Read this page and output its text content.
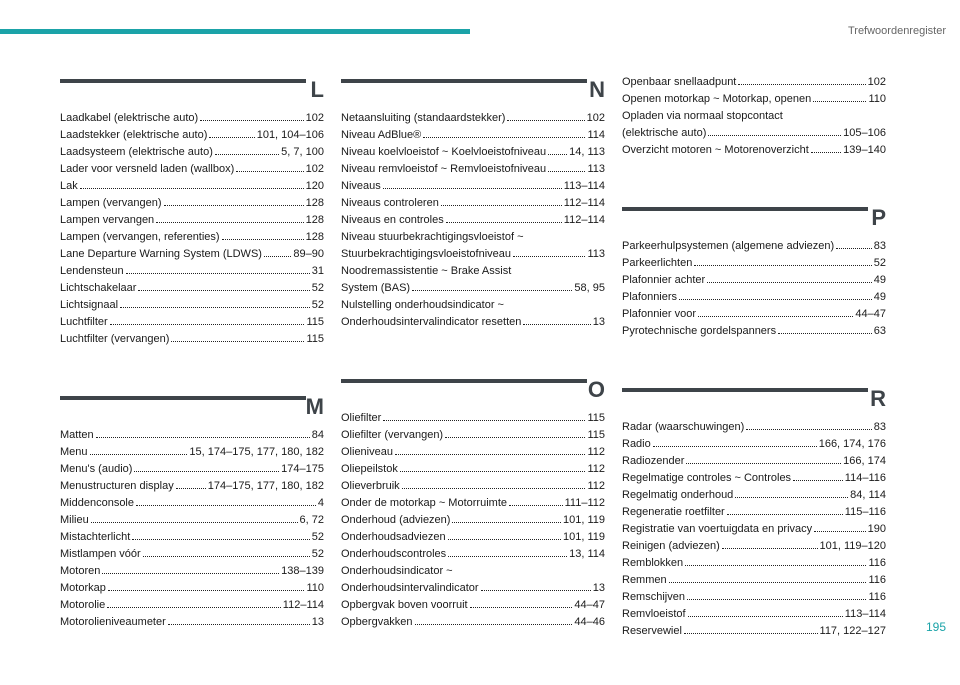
Trefwoordenregister
L
Laadkabel (elektrische auto)	102
Laadstekker (elektrische auto)	101, 104–106
Laadsysteem (elektrische auto)	5, 7, 100
Lader voor versneld laden (wallbox)	102
Lak	120
Lampen (vervangen)	128
Lampen vervangen	128
Lampen (vervangen, referenties)	128
Lane Departure Warning System (LDWS)	89–90
Lendensteun	31
Lichtschakelaar	52
Lichtsignaal	52
Luchtfilter	115
Luchtfilter (vervangen)	115
M
Matten	84
Menu	15, 174–175, 177, 180, 182
Menu's (audio)	174–175
Menustructuren display	174–175, 177, 180, 182
Middenconsole	4
Milieu	6, 72
Mistachterlicht	52
Mistlampen vóór	52
Motoren	138–139
Motorkap	110
Motorolie	112–114
Motorolieniveaumeter	13
N
Netaansluiting (standaardstekker)	102
Niveau AdBlue®	114
Niveau koelvloeistof ~ Koelvloeistofniveau 14, 113
Niveau remvloeistof ~ Remvloeistofniveau	113
Niveaus	113–114
Niveaus controleren	112–114
Niveaus en controles	112–114
Niveau stuurbekrachtigingsvloeistof ~
Stuurbekrachtigingsvloeistofniveau	113
Noodremassistentie ~ Brake Assist
System (BAS)	58, 95
Nulstelling onderhoudsindicator ~
Onderhoudsintervalindicator resetten	13
O
Oliefilter	115
Oliefilter (vervangen)	115
Olieniveau	112
Oliepeilstok	112
Olieverbruik	112
Onder de motorkap ~ Motorruimte	111–112
Onderhoud (adviezen)	101, 119
Onderhoudsadviezen	101, 119
Onderhoudscontroles	13, 114
Onderhoudsindicator ~
Onderhoudsintervalindicator	13
Opbergvak boven voorruit	44–47
Opbergvakken	44–46
Openbaar snellaadpunt	102
Openen motorkap ~ Motorkap, openen	110
Opladen via normaal stopcontact
(elektrische auto)	105–106
Overzicht motoren ~ Motorenoverzicht	139–140
P
Parkeerhulpsystemen (algemene adviezen)	83
Parkeerlichten	52
Plafonnier achter	49
Plafonniers	49
Plafonnier voor	44–47
Pyrotechnische gordelspanners	63
R
Radar (waarschuwingen)	83
Radio	166, 174, 176
Radiozender	166, 174
Regelmatige controles ~ Controles	114–116
Regelmatig onderhoud	84, 114
Regeneratie roetfilter	115–116
Registratie van voertuigdata en privacy	190
Reinigen (adviezen)	101, 119–120
Remblokken	116
Remmen	116
Remschijven	116
Remvloeistof	113–114
Reservewiel	117, 122–127	195
